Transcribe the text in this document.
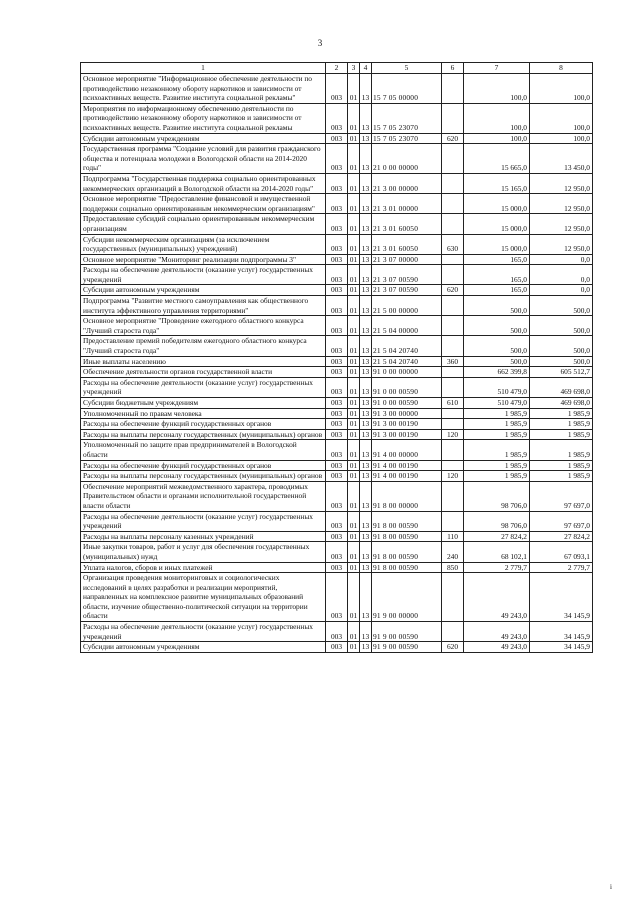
3
1	2	3	4	5	6	7	8
Основное мероприятие "Информационное обеспечение деятельности по противодействию незаконному обороту наркотиков и зависимости от психоактивных веществ. Развитие института социальной рекламы"	003	01	13	15 7 05 00000		100,0	100,0
Мероприятия по информационному обеспечению деятельности по противодействию незаконному обороту наркотиков и зависимости от психоактивных веществ. Развитие института социальной рекламы	003	01	13	15 7 05 23070		100,0	100,0
Субсидии автономным учреждениям	003	01	13	15 7 05 23070	620	100,0	100,0
Государственная программа "Создание условий для развития гражданского общества и потенциала молодежи в Вологодской области на 2014-2020 годы"	003	01	13	21 0 00 00000		15 665,0	13 450,0
Подпрограмма "Государственная поддержка социально ориентированных некоммерческих организаций в Вологодской области на 2014-2020 годы"	003	01	13	21 3 00 00000		15 165,0	12 950,0
Основное мероприятие "Предоставление финансовой и имущественной поддержки социально ориентированным некоммерческим организациям"	003	01	13	21 3 01 00000		15 000,0	12 950,0
Предоставление субсидий социально ориентированным некоммерческим организациям	003	01	13	21 3 01 60050		15 000,0	12 950,0
Субсидии некоммерческим организациям (за исключением государственных (муниципальных) учреждений)	003	01	13	21 3 01 60050	630	15 000,0	12 950,0
Основное мероприятие "Мониторинг реализации подпрограммы 3"	003	01	13	21 3 07 00000		165,0	0,0
Расходы на обеспечение деятельности (оказание услуг) государственных учреждений	003	01	13	21 3 07 00590		165,0	0,0
Субсидии автономным учреждениям	003	01	13	21 3 07 00590	620	165,0	0,0
Подпрограмма "Развитие местного самоуправления как общественного института эффективного управления территориями"	003	01	13	21 5 00 00000		500,0	500,0
Основное мероприятие "Проведение ежегодного областного конкурса "Лучший староста года"	003	01	13	21 5 04 00000		500,0	500,0
Предоставление премий победителям ежегодного областного конкурса "Лучший староста года"	003	01	13	21 5 04 20740		500,0	500,0
Иные выплаты населению	003	01	13	21 5 04 20740	360	500,0	500,0
Обеспечение деятельности органов государственной власти	003	01	13	91 0 00 00000		662 399,8	605 512,7
Расходы на обеспечение деятельности (оказание услуг) государственных учреждений	003	01	13	91 0 00 00590		510 479,0	469 698,0
Субсидии бюджетным учреждениям	003	01	13	91 0 00 00590	610	510 479,0	469 698,0
Уполномоченный по правам человека	003	01	13	91 3 00 00000		1 985,9	1 985,9
Расходы на обеспечение функций государственных органов	003	01	13	91 3 00 00190		1 985,9	1 985,9
Расходы на выплаты персоналу государственных (муниципальных) органов	003	01	13	91 3 00 00190	120	1 985,9	1 985,9
Уполномоченный по защите прав предпринимателей в Вологодской области	003	01	13	91 4 00 00000		1 985,9	1 985,9
Расходы на обеспечение функций государственных органов	003	01	13	91 4 00 00190		1 985,9	1 985,9
Расходы на выплаты персоналу государственных (муниципальных) органов	003	01	13	91 4 00 00190	120	1 985,9	1 985,9
Обеспечение мероприятий межведомственного характера, проводимых Правительством области и органами исполнительной государственной власти области	003	01	13	91 8 00 00000		98 706,0	97 697,0
Расходы на обеспечение деятельности (оказание услуг) государственных учреждений	003	01	13	91 8 00 00590		98 706,0	97 697,0
Расходы на выплаты персоналу казенных учреждений	003	01	13	91 8 00 00590	110	27 824,2	27 824,2
Иные закупки товаров, работ и услуг для обеспечения государственных (муниципальных) нужд	003	01	13	91 8 00 00590	240	68 102,1	67 093,1
Уплата налогов, сборов и иных платежей	003	01	13	91 8 00 00590	850	2 779,7	2 779,7
Организация проведения мониторинговых и социологических исследований в целях разработки и реализации мероприятий, направленных на комплексное развитие муниципальных образований области, изучение общественно-политической ситуации на территории области	003	01	13	91 9 00 00000		49 243,0	34 145,9
Расходы на обеспечение деятельности (оказание услуг) государственных учреждений	003	01	13	91 9 00 00590		49 243,0	34 145,9
Субсидии автономным учреждениям	003	01	13	91 9 00 00590	620	49 243,0	34 145,9
i
